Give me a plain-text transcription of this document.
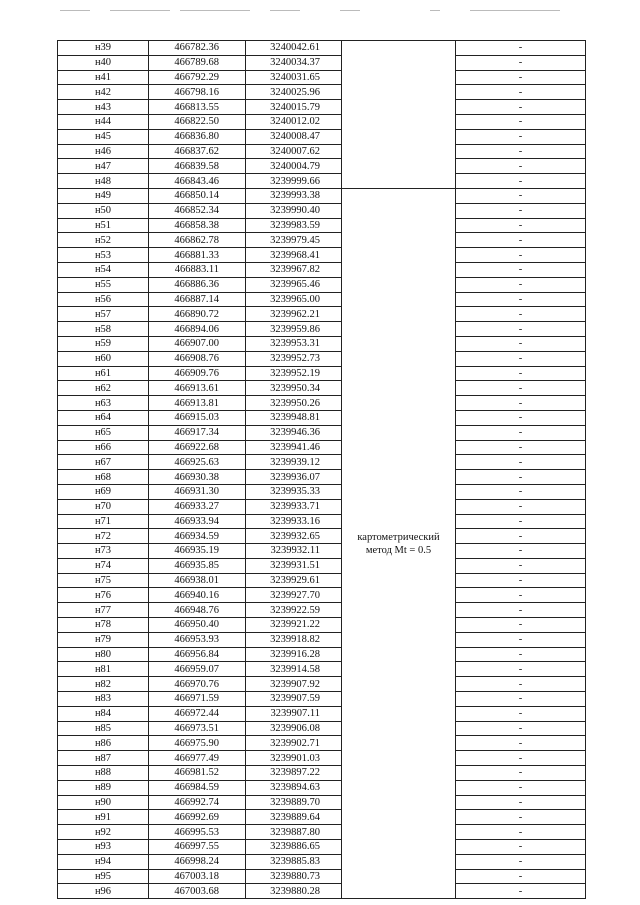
н39	466782.36	3240042.61		-
н40	466789.68	3240034.37		-
н41	466792.29	3240031.65		-
н42	466798.16	3240025.96		-
н43	466813.55	3240015.79		-
н44	466822.50	3240012.02		-
н45	466836.80	3240008.47		-
н46	466837.62	3240007.62		-
н47	466839.58	3240004.79		-
н48	466843.46	3239999.66		-
н49	466850.14	3239993.38	картометрический метод Mt = 0.5	-
н50	466852.34	3239990.40		-
н51	466858.38	3239983.59		-
н52	466862.78	3239979.45		-
н53	466881.33	3239968.41		-
н54	466883.11	3239967.82		-
н55	466886.36	3239965.46		-
н56	466887.14	3239965.00		-
н57	466890.72	3239962.21		-
н58	466894.06	3239959.86		-
н59	466907.00	3239953.31		-
н60	466908.76	3239952.73		-
н61	466909.76	3239952.19		-
н62	466913.61	3239950.34		-
н63	466913.81	3239950.26		-
н64	466915.03	3239948.81		-
н65	466917.34	3239946.36		-
н66	466922.68	3239941.46		-
н67	466925.63	3239939.12		-
н68	466930.38	3239936.07		-
н69	466931.30	3239935.33		-
н70	466933.27	3239933.71		-
н71	466933.94	3239933.16		-
н72	466934.59	3239932.65		-
н73	466935.19	3239932.11		-
н74	466935.85	3239931.51		-
н75	466938.01	3239929.61		-
н76	466940.16	3239927.70		-
н77	466948.76	3239922.59		-
н78	466950.40	3239921.22		-
н79	466953.93	3239918.82		-
н80	466956.84	3239916.28		-
н81	466959.07	3239914.58		-
н82	466970.76	3239907.92		-
н83	466971.59	3239907.59		-
н84	466972.44	3239907.11		-
н85	466973.51	3239906.08		-
н86	466975.90	3239902.71		-
н87	466977.49	3239901.03		-
н88	466981.52	3239897.22		-
н89	466984.59	3239894.63		-
н90	466992.74	3239889.70		-
н91	466992.69	3239889.64		-
н92	466995.53	3239887.80		-
н93	466997.55	3239886.65		-
н94	466998.24	3239885.83		-
н95	467003.18	3239880.73		-
н96	467003.68	3239880.28		-
